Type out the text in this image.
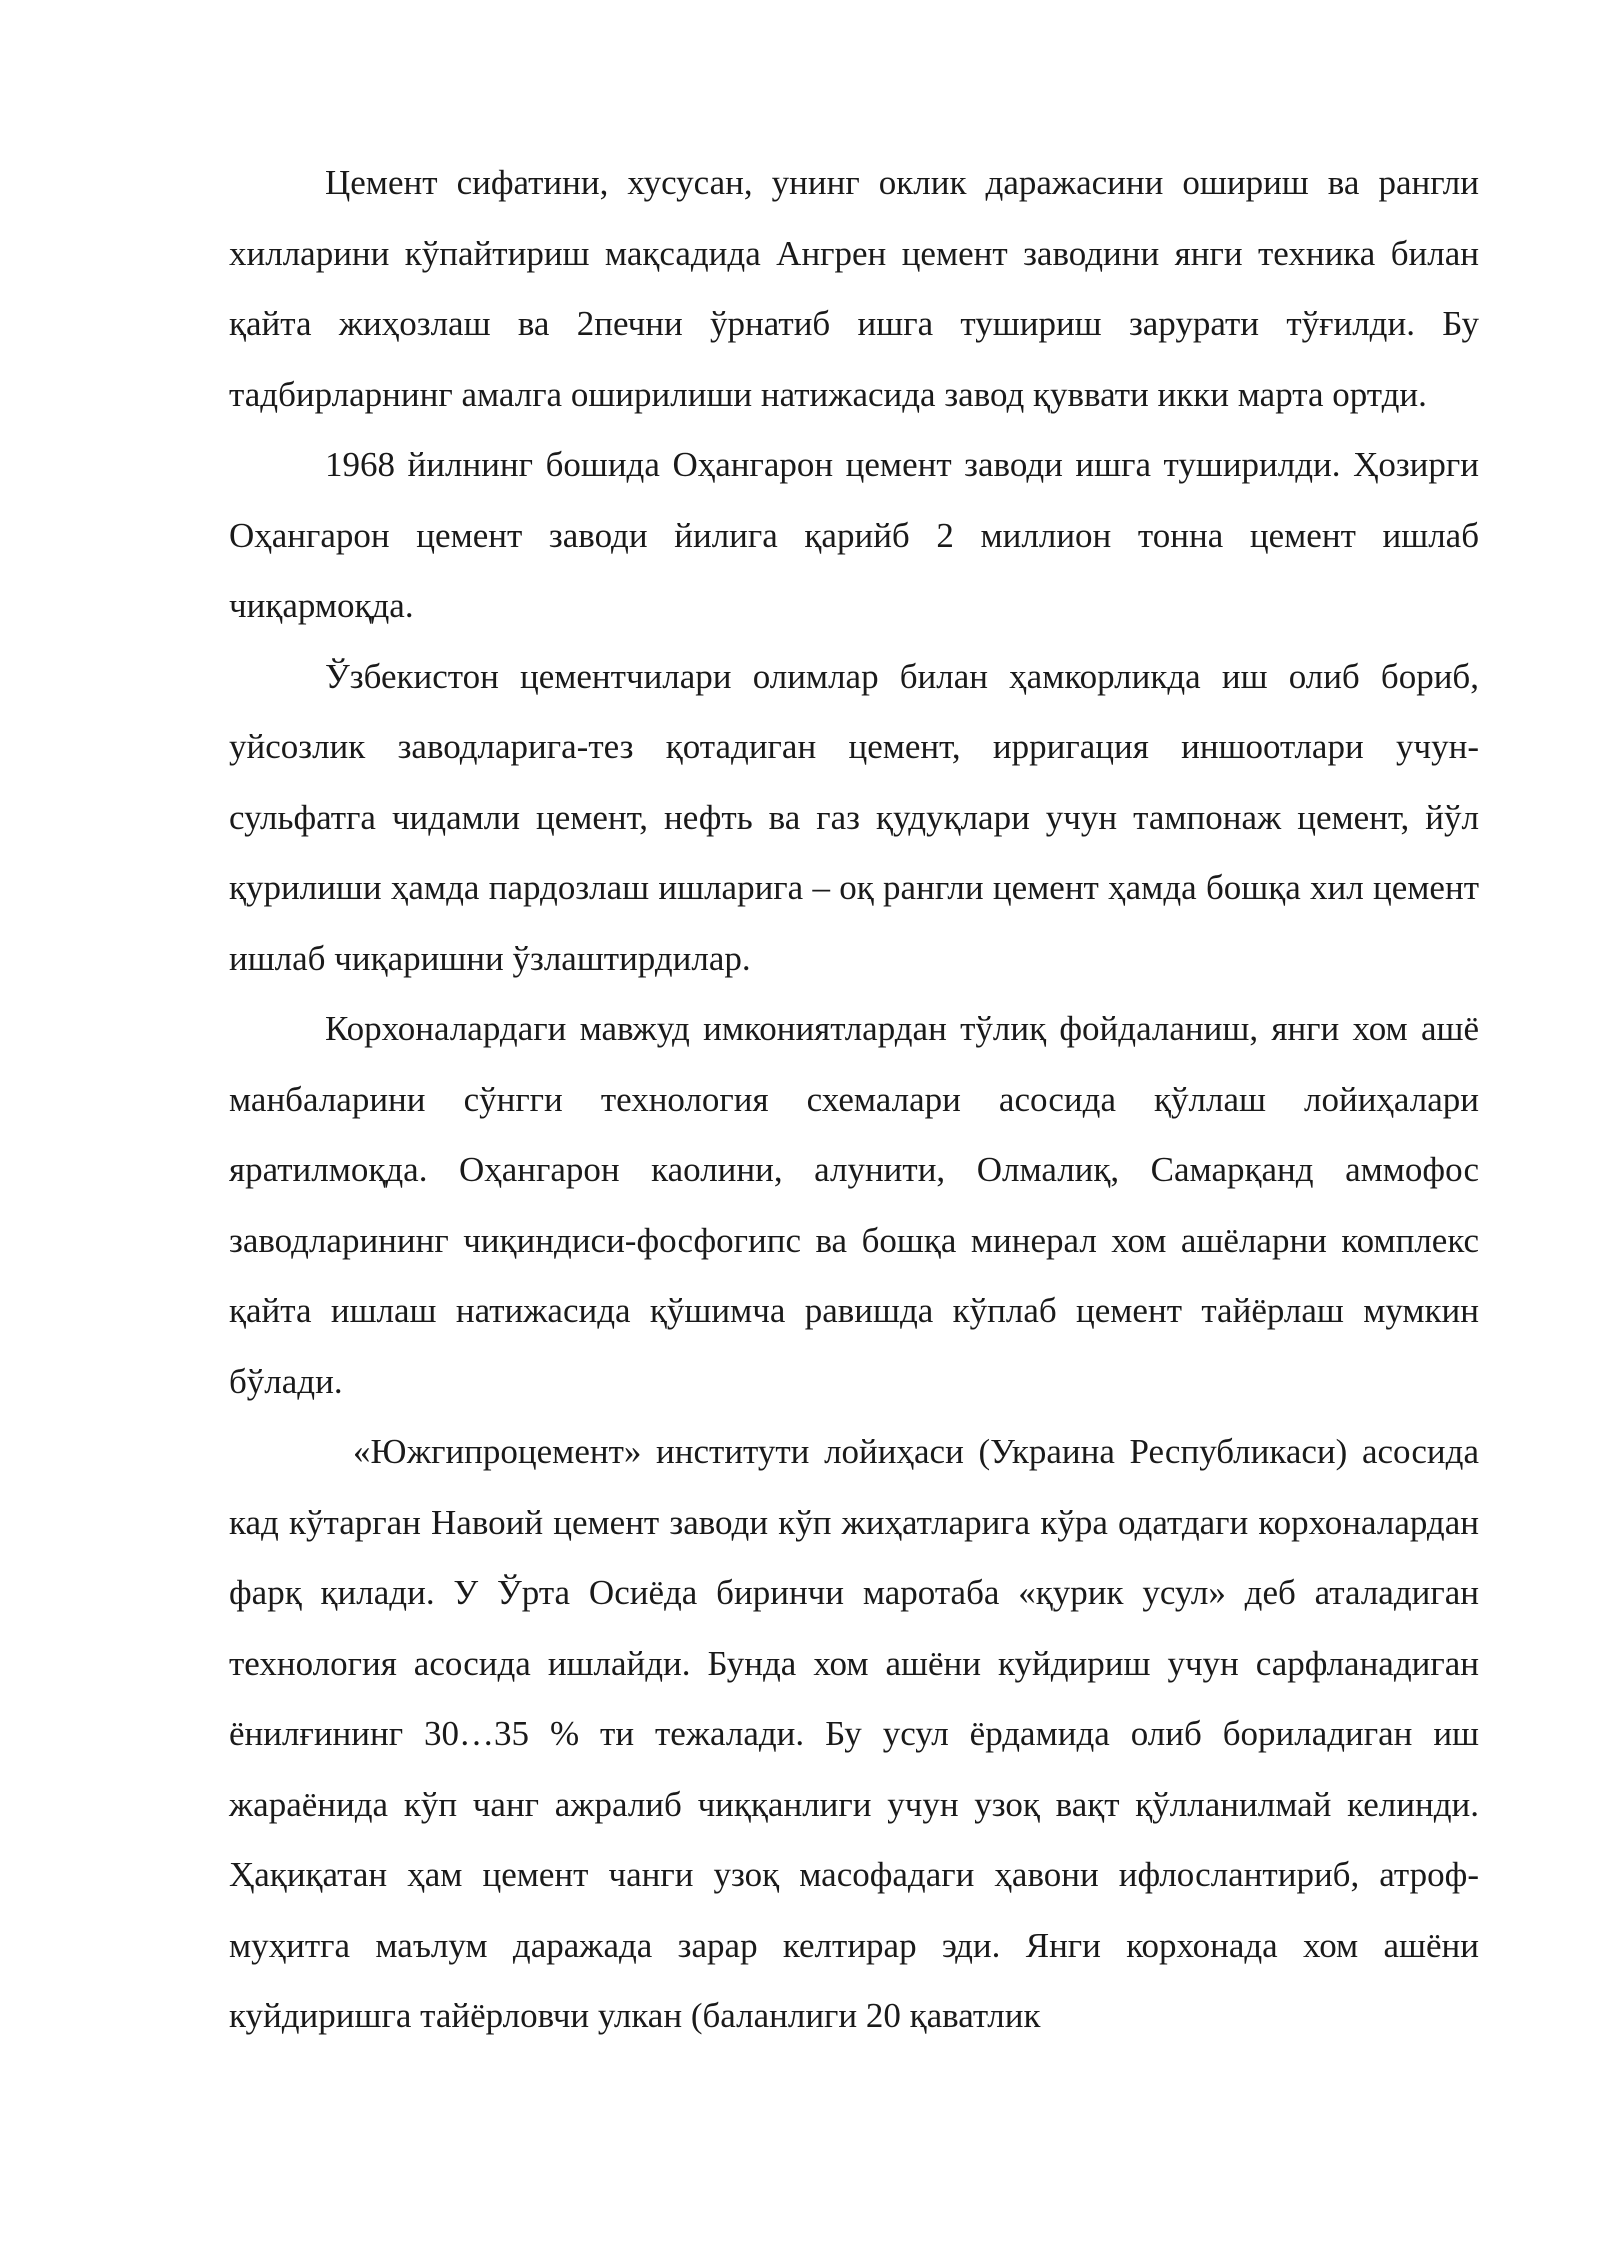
Цемент сифатини, хусусан, унинг оклик даражасини ошириш ва рангли хилларини кўпайтириш мақсадида Ангрен цемент заводини янги техника билан қайта жиҳозлаш ва 2печни ўрнатиб ишга тушириш зарурати тўғилди. Бу тадбирларнинг амалга оширилиши натижасида завод қуввати икки марта ортди.

1968 йилнинг бошида Оҳангарон цемент заводи ишга туширилди. Ҳозирги Оҳангарон цемент заводи йилига қарийб 2 миллион тонна цемент ишлаб чиқармоқда.

Ўзбекистон цементчилари олимлар билан ҳамкорликда иш олиб бориб, уйсозлик заводларига-тез қотадиган цемент, ирригация иншоотлари учун-сульфатга чидамли цемент, нефть ва газ қудуқлари учун тампонаж цемент, йўл қурилиши ҳамда пардозлаш ишларига – оқ рангли цемент ҳамда бошқа хил цемент ишлаб чиқаришни ўзлаштирдилар.

Корхоналардаги мавжуд имкониятлардан тўлиқ фойдаланиш, янги хом ашё манбаларини сўнгги технология схемалари асосида қўллаш лойиҳалари яратилмоқда. Оҳангарон каолини, алунити, Олмалиқ, Самарқанд аммофос заводларининг чиқиндиси-фосфогипс ва бошқа минерал хом ашёларни комплекс қайта ишлаш натижасида қўшимча равишда кўплаб цемент тайёрлаш мумкин бўлади.

«Южгипроцемент» институти лойиҳаси (Украина Республикаси) асосида кад кўтарган Навоий цемент заводи кўп жиҳатларига кўра одатдаги корхоналардан фарқ қилади. У Ўрта Осиёда биринчи маротаба «қурик усул» деб аталадиган технология асосида ишлайди. Бунда хом ашёни куйдириш учун сарфланадиган ёнилғининг 30…35 % ти тежалади. Бу усул ёрдамида олиб бориладиган иш жараёнида кўп чанг ажралиб чиққанлиги учун узоқ вақт қўлланилмай келинди. Ҳақиқатан ҳам цемент чанги узоқ масофадаги ҳавони ифлослантириб, атроф-муҳитга маълум даражада зарар келтирар эди. Янги корхонада хом ашёни куйдиришга тайёрловчи улкан (баланлиги 20 қаватлик
